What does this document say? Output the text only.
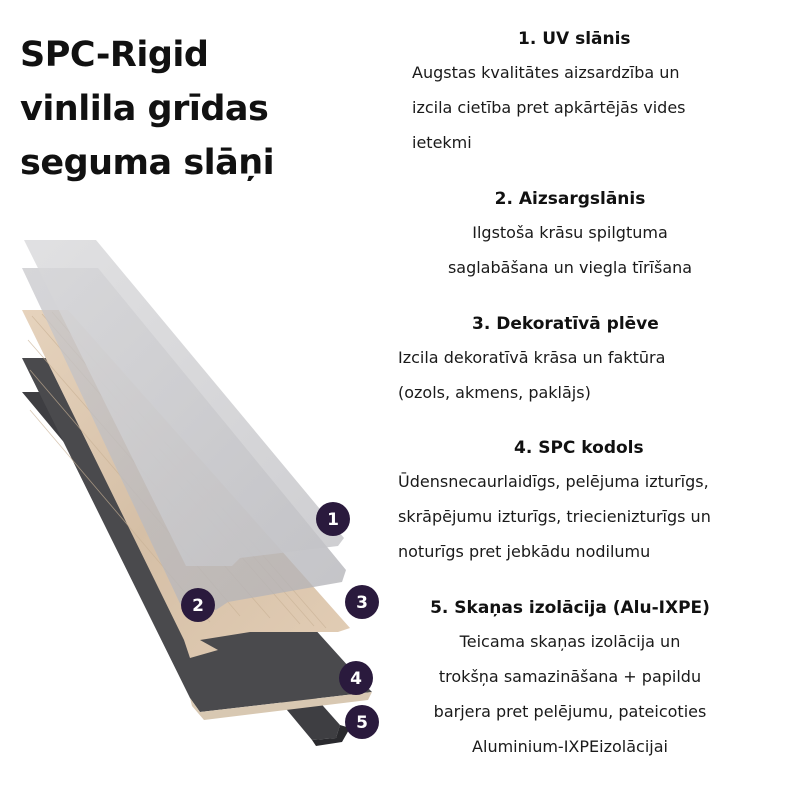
SPC-Rigid
vinlila grīdas
seguma slāņi
1
2	3
4
5
1. UV slānis
Augstas kvalitātes aizsardzība un
izcila cietība pret apkārtējās vides
ietekmi
2. Aizsargslānis
Ilgstoša krāsu spilgtuma
saglabāšana un viegla tīrīšana
3. Dekoratīvā plēve
Izcila dekoratīvā krāsa un faktūra
(ozols, akmens, paklājs)
4. SPC kodols
Ūdensnecaurlaidīgs, pelējuma izturīgs,
skrāpējumu izturīgs, triecienizturīgs un
noturīgs pret jebkādu nodilumu
5. Skaņas izolācija (Alu-IXPE)
Teicama skaņas izolācija un
trokšņa samazināšana + papildu
barjera pret pelējumu, pateicoties
Aluminium-IXPEizolācijai
